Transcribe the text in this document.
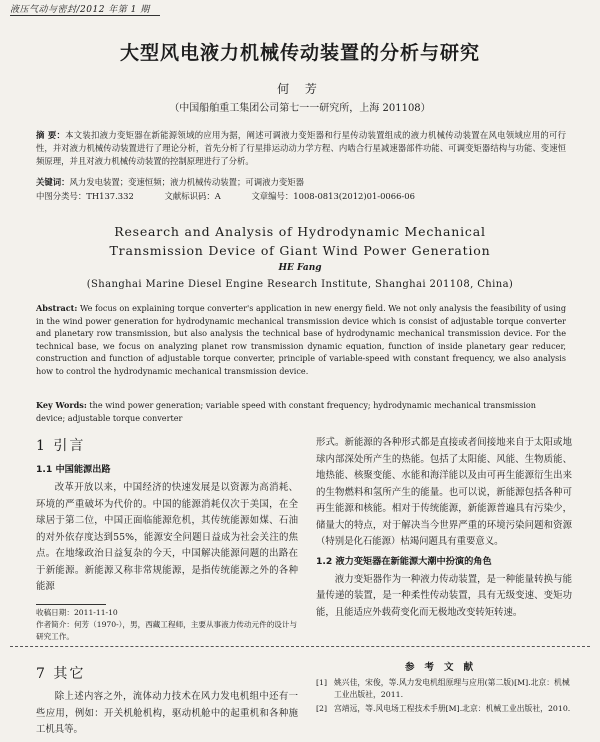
液压气动与密封/2012 年第 1 期
大型风电液力机械传动装置的分析与研究
何 芳
（中国船舶重工集团公司第七一一研究所，上海 201108）
摘 要：本文装扣液力变矩器在新能源领域的应用为据，阐述可调液力变矩器和行星传动装置组成的液力机械传动装置在风电领域应用的可行性，并对液力机械传动装置进行了理论分析，首先分析了行星排运动动力学方程、内啮合行星减速器部件功能、可调变矩器结构与功能、变速恒频原理，并且对液力机械传动装置的控制原理进行了分析。
关键词：风力发电装置；变速恒频；液力机械传动装置；可调液力变矩器
中图分类号：TH137.332	文献标识码：A	文章编号：1008-0813(2012)01-0066-06
Research and Analysis of Hydrodynamic Mechanical
Transmission Device of Giant Wind Power Generation
HE Fang
(Shanghai Marine Diesel Engine Research Institute, Shanghai 201108, China)
Abstract: We focus on explaining torque converter's application in new energy field. We not only analysis the feasibility of using in the wind power generation for hydrodynamic mechanical transmission device which is consist of adjustable torque converter and planetary row transmission, but also analysis the technical base of hydrodynamic mechanical transmission device. For the technical base, we focus on analyzing planet row transmission dynamic equation, function of inside planetary gear reducer, construction and function of adjustable torque converter, principle of variable-speed with constant frequency, we also analysis how to control the hydrodynamic mechanical transmission device.
Key Words: the wind power generation; variable speed with constant frequency; hydrodynamic mechanical transmission device; adjustable torque converter
1 引言
1.1 中国能源出路

改革开放以来，中国经济的快速发展是以资源为高消耗、环境的严重破坏为代价的。中国的能源消耗仅次于美国，在全球居于第二位，中国正面临能源危机，其传统能源如煤、石油的对外依存度达到55%，能源安全问题日益成为社会关注的焦点。在地缘政治日益复杂的今天，中国解决能源问题的出路在于新能源。新能源又称非常规能源，是指传统能源之外的各种能源

形式。新能源的各种形式都是直接或者间接地来自于太阳或地球内部深处所产生的热能。包括了太阳能、风能、生物质能、地热能、核聚变能、水能和海洋能以及由可再生能源衍生出来的生物燃料和氢所产生的能量。也可以说，新能源包括各种可再生能源和核能。相对于传统能源，新能源普遍具有污染少，储量大的特点，对于解决当今世界严重的环境污染问题和资源（特别是化石能源）枯竭问题具有重要意义。

1.2 液力变矩器在新能源大潮中扮演的角色

液力变矩器作为一种液力传动装置，是一种能量转换与能量传递的装置，是一种柔性传动装置，具有无级变速、变矩功能，且能适应外载荷变化而无极地改变转矩转速。

收稿日期：2011-11-10
作者简介：何芳（1970-），男，西藏工程师，主要从事液力传动元件的设计与研究工作。
7 其它

除上述内容之外，流体动力技术在风力发电机组中还有一些应用，例如：开关机舱机构，驱动机舱中的起重机和各种施工机具等。

参考文献
[1] 姚兴佳，宋俊，等.风力发电机组原理与应用(第二版)[M].北京：机械工业出版社，2011.
[2] 宫靖远，等.风电场工程技术手册[M].北京：机械工业出版社，2010.
